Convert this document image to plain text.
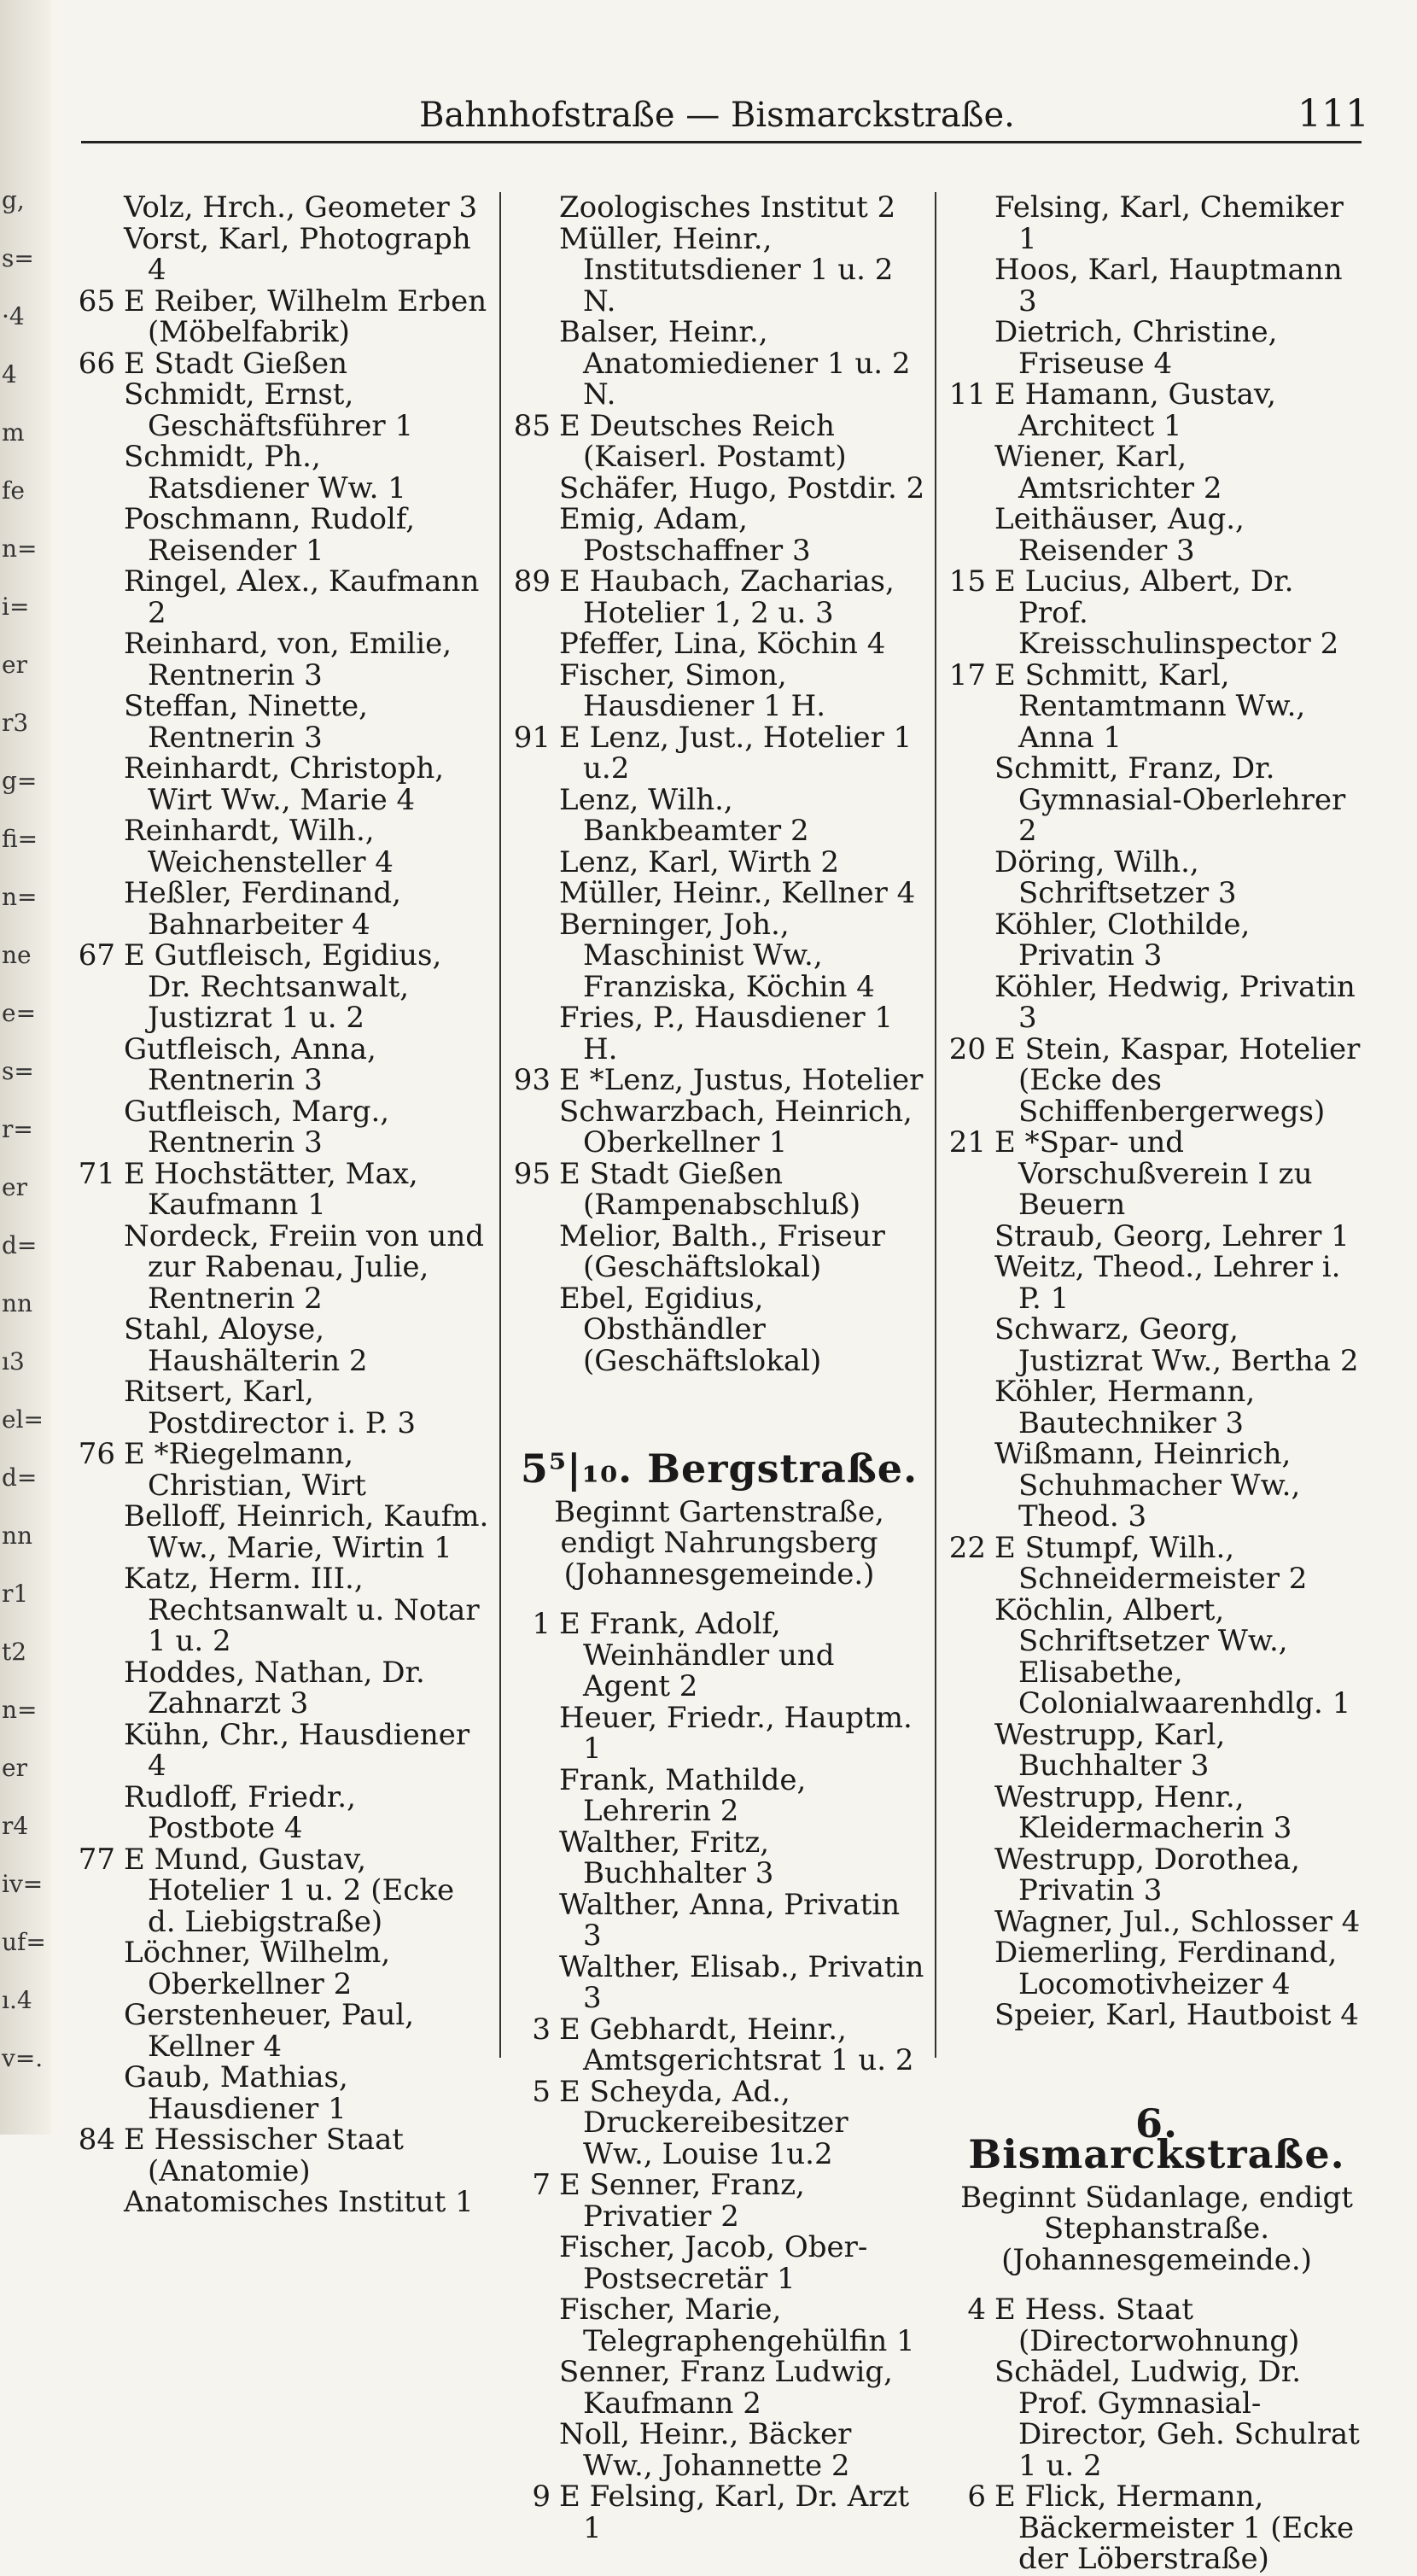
g,
s=
·4
4
m
fe
n=
i=
er
r3
g=
fi=
n=
ne
e=
s=
r=
er
d=
nn
ı3
el=
d=
nn
r1
t2
n=
er
r4
iv=
uf=
ı.4
v=.
Bahnhofstraße — Bismarckstraße.	111
Volz, Hrch., Geometer 3
Vorst, Karl, Photograph 4
65 E Reiber, Wilhelm Erben (Möbelfabrik)
66 E Stadt Gießen
Schmidt, Ernst, Geschäftsführer 1
Schmidt, Ph., Ratsdiener Ww. 1
Poschmann, Rudolf, Reisender 1
Ringel, Alex., Kaufmann 2
Reinhard, von, Emilie, Rentnerin 3
Steffan, Ninette, Rentnerin 3
Reinhardt, Christoph, Wirt Ww., Marie 4
Reinhardt, Wilh., Weichensteller 4
Heßler, Ferdinand, Bahnarbeiter 4
67 E Gutfleisch, Egidius, Dr. Rechtsanwalt, Justizrat 1 u. 2
Gutfleisch, Anna, Rentnerin 3
Gutfleisch, Marg., Rentnerin 3
71 E Hochstätter, Max, Kaufmann 1
Nordeck, Freiin von und zur Rabenau, Julie, Rentnerin 2
Stahl, Aloyse, Haushälterin 2
Ritsert, Karl, Postdirector i. P. 3
76 E *Riegelmann, Christian, Wirt
Belloff, Heinrich, Kaufm. Ww., Marie, Wirtin 1
Katz, Herm. III., Rechtsanwalt u. Notar 1 u. 2
Hoddes, Nathan, Dr. Zahnarzt 3
Kühn, Chr., Hausdiener 4
Rudloff, Friedr., Postbote 4
77 E Mund, Gustav, Hotelier 1 u. 2 (Ecke d. Liebigstraße)
Löchner, Wilhelm, Oberkellner 2
Gerstenheuer, Paul, Kellner 4
Gaub, Mathias, Hausdiener 1
84 E Hessischer Staat (Anatomie)
Anatomisches Institut 1
Zoologisches Institut 2
Müller, Heinr., Institutsdiener 1 u. 2 N.
Balser, Heinr., Anatomiediener 1 u. 2 N.
85 E Deutsches Reich (Kaiserl. Postamt)
Schäfer, Hugo, Postdir. 2
Emig, Adam, Postschaffner 3
89 E Haubach, Zacharias, Hotelier 1, 2 u. 3
Pfeffer, Lina, Köchin 4
Fischer, Simon, Hausdiener 1 H.
91 E Lenz, Just., Hotelier 1 u.2
Lenz, Wilh., Bankbeamter 2
Lenz, Karl, Wirth 2
Müller, Heinr., Kellner 4
Berninger, Joh., Maschinist Ww., Franziska, Köchin 4
Fries, P., Hausdiener 1 H.
93 E *Lenz, Justus, Hotelier
Schwarzbach, Heinrich, Oberkellner 1
95 E Stadt Gießen (Rampenabschluß)
Melior, Balth., Friseur (Geschäftslokal)
Ebel, Egidius, Obsthändler (Geschäftslokal)
5⁵|₁₀. Bergstraße.
Beginnt Gartenstraße, endigt Nahrungsberg
(Johannesgemeinde.)
1 E Frank, Adolf, Weinhändler und Agent 2
Heuer, Friedr., Hauptm. 1
Frank, Mathilde, Lehrerin 2
Walther, Fritz, Buchhalter 3
Walther, Anna, Privatin 3
Walther, Elisab., Privatin 3
3 E Gebhardt, Heinr., Amtsgerichtsrat 1 u. 2
5 E Scheyda, Ad., Druckereibesitzer Ww., Louise 1u.2
7 E Senner, Franz, Privatier 2
Fischer, Jacob, Ober-Postsecretär 1
Fischer, Marie, Telegraphengehülfin 1
Senner, Franz Ludwig, Kaufmann 2
Noll, Heinr., Bäcker Ww., Johannette 2
9 E Felsing, Karl, Dr. Arzt 1
Felsing, Karl, Chemiker 1
Hoos, Karl, Hauptmann 3
Dietrich, Christine, Friseuse 4
11 E Hamann, Gustav, Architect 1
Wiener, Karl, Amtsrichter 2
Leithäuser, Aug., Reisender 3
15 E Lucius, Albert, Dr. Prof. Kreisschulinspector 2
17 E Schmitt, Karl, Rentamtmann Ww., Anna 1
Schmitt, Franz, Dr. Gymnasial-Oberlehrer 2
Döring, Wilh., Schriftsetzer 3
Köhler, Clothilde, Privatin 3
Köhler, Hedwig, Privatin 3
20 E Stein, Kaspar, Hotelier (Ecke des Schiffenbergerwegs)
21 E *Spar- und Vorschußverein I zu Beuern
Straub, Georg, Lehrer 1
Weitz, Theod., Lehrer i. P. 1
Schwarz, Georg, Justizrat Ww., Bertha 2
Köhler, Hermann, Bautechniker 3
Wißmann, Heinrich, Schuhmacher Ww., Theod. 3
22 E Stumpf, Wilh., Schneidermeister 2
Köchlin, Albert, Schriftsetzer Ww., Elisabethe, Colonialwaarenhdlg. 1
Westrupp, Karl, Buchhalter 3
Westrupp, Henr., Kleidermacherin 3
Westrupp, Dorothea, Privatin 3
Wagner, Jul., Schlosser 4
Diemerling, Ferdinand, Locomotivheizer 4
Speier, Karl, Hautboist 4
6. Bismarckstraße.
Beginnt Südanlage, endigt Stephanstraße.
(Johannesgemeinde.)
4 E Hess. Staat (Directorwohnung)
Schädel, Ludwig, Dr. Prof. Gymnasial-Director, Geh. Schulrat 1 u. 2
6 E Flick, Hermann, Bäckermeister 1 (Ecke der Löberstraße)
